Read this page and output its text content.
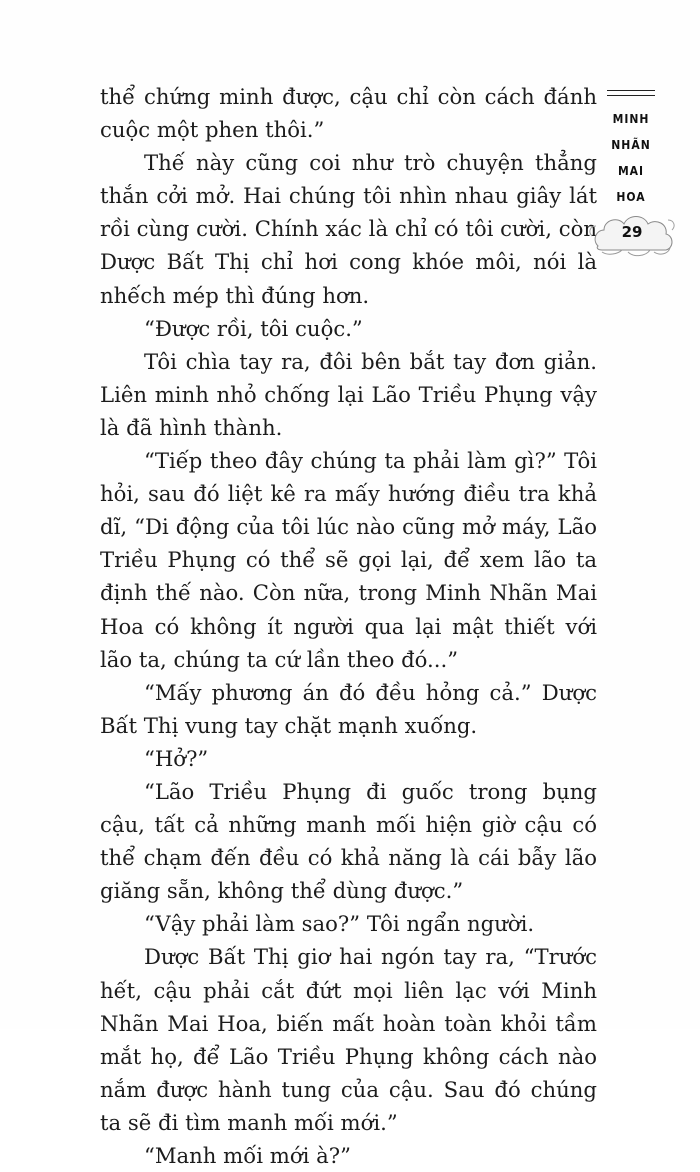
thể chứng minh được, cậu chỉ còn cách đánh cuộc một phen thôi.”

Thế này cũng coi như trò chuyện thẳng thắn cởi mở. Hai chúng tôi nhìn nhau giây lát rồi cùng cười. Chính xác là chỉ có tôi cười, còn Dược Bất Thị chỉ hơi cong khóe môi, nói là nhếch mép thì đúng hơn.

“Được rồi, tôi cuộc.”

Tôi chìa tay ra, đôi bên bắt tay đơn giản. Liên minh nhỏ chống lại Lão Triều Phụng vậy là đã hình thành.

“Tiếp theo đây chúng ta phải làm gì?” Tôi hỏi, sau đó liệt kê ra mấy hướng điều tra khả dĩ, “Di động của tôi lúc nào cũng mở máy, Lão Triều Phụng có thể sẽ gọi lại, để xem lão ta định thế nào. Còn nữa, trong Minh Nhãn Mai Hoa có không ít người qua lại mật thiết với lão ta, chúng ta cứ lần theo đó...”

“Mấy phương án đó đều hỏng cả.” Dược Bất Thị vung tay chặt mạnh xuống.

“Hở?”

“Lão Triều Phụng đi guốc trong bụng cậu, tất cả những manh mối hiện giờ cậu có thể chạm đến đều có khả năng là cái bẫy lão giăng sẵn, không thể dùng được.”

“Vậy phải làm sao?” Tôi ngẩn người.

Dược Bất Thị giơ hai ngón tay ra, “Trước hết, cậu phải cắt đứt mọi liên lạc với Minh Nhãn Mai Hoa, biến mất hoàn toàn khỏi tầm mắt họ, để Lão Triều Phụng không cách nào nắm được hành tung của cậu. Sau đó chúng ta sẽ đi tìm manh mối mới.”

“Manh mối mới à?”

MINH
NHÃN
MAI
HOA
29
